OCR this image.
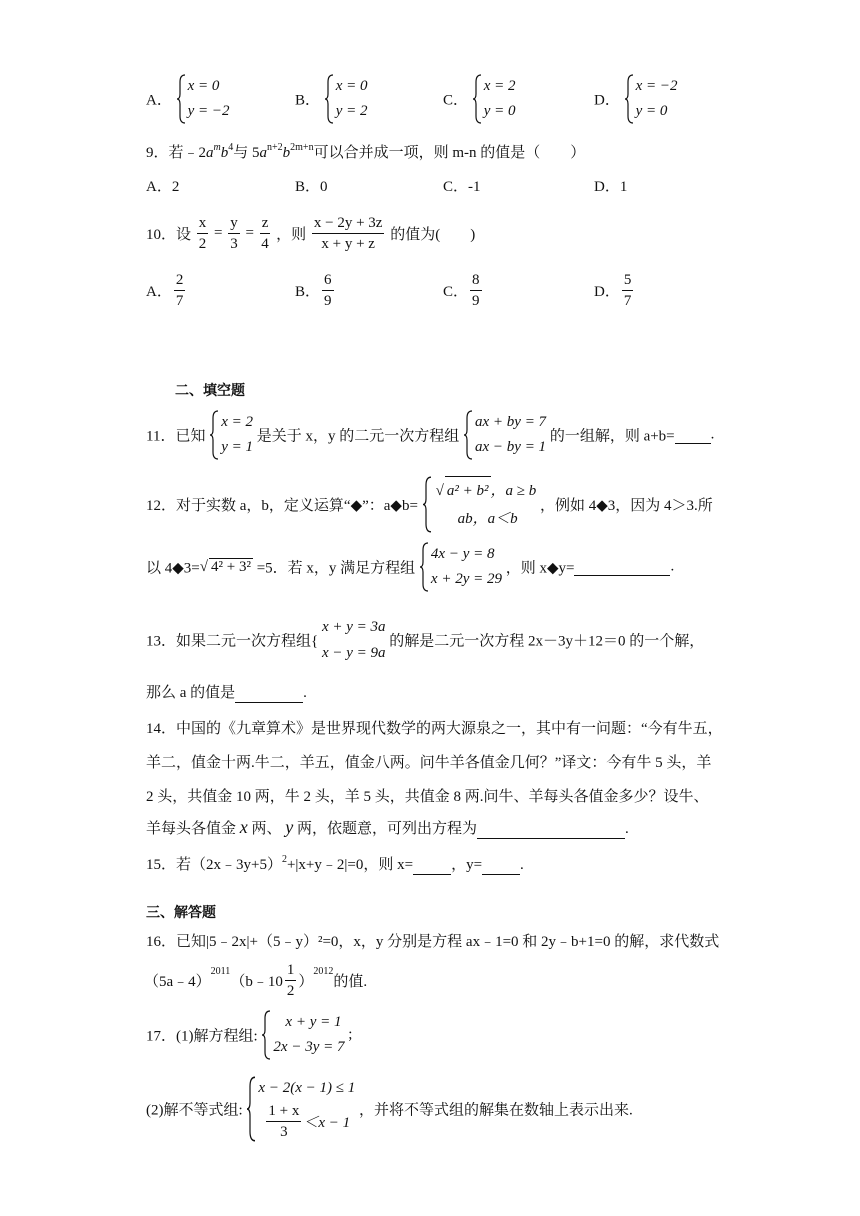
A．
x = 0
y = −2
B．
x = 0
y = 2
C．
x = 2
y = 0
D．
x = −2
y = 0
9．若$﹣2a^mb^4$与 $5a^{n+2}b^{2m+n}$可以合并成一项，则 m-n 的值是（　　）
A．2	B．0	C．-1	D．1
10．设 $\frac{x}{2} = \frac{y}{3} = \frac{z}{4}$ ，则 $\frac{x - 2y + 3z}{x + y + z}$ 的值为(　　)
A． $\frac{2}{7}$	B． $\frac{6}{9}$	C． $\frac{8}{9}$	D． $\frac{5}{7}$
二、填空题
11．已知
x = 2
y = 1
是关于 x，y 的二元一次方程组
ax + by = 7
ax − by = 1
的一组解，则 a+b= .
12．对于实数 a，b，定义运算“◆”：a◆b=
√ a² + b² ，a ≥ b
ab，a＜b
，例如 4◆3，因为 4＞3.所
以 4◆3=√ 4² + 3² =5．若 x，y 满足方程组
4x − y = 8
x + 2y = 29
，则 x◆y=	.
13．如果二元一次方程组{
x + y = 3a
x − y = 9a
的解是二元一次方程 2x－3y＋12＝0 的一个解，
那么 a 的值是	.
14．中国的《九章算术》是世界现代数学的两大源泉之一，其中有一问题：“今有牛五，
羊二，值金十两.牛二，羊五，值金八两。问牛羊各值金几何？”译文：今有牛 5 头，羊
2 头，共值金 10 两，牛 2 头，羊 5 头，共值金 8 两.问牛、羊每头各值金多少？设牛、
羊每头各值金 x 两、 y 两，依题意，可列出方程为	.
15．若（2x﹣3y+5）$^2$+|x+y﹣2|=0，则 x=	，y=	.
三、解答题
16．已知|5﹣2x|+（5﹣y）²=0，x，y 分别是方程 ax﹣1=0 和 2y﹣b+1=0 的解，求代数式
（5a﹣4）$^{2011}$（b﹣10 $\frac{1}{2} )^{2012}$的值.
17．(1)解方程组:
x + y = 1
2x − 3y = 7
;
(2)解不等式组:
x − 2(x − 1) ≤ 1
$\frac{1 + x}{3} <x - 1$
，并将不等式组的解集在数轴上表示出来.
